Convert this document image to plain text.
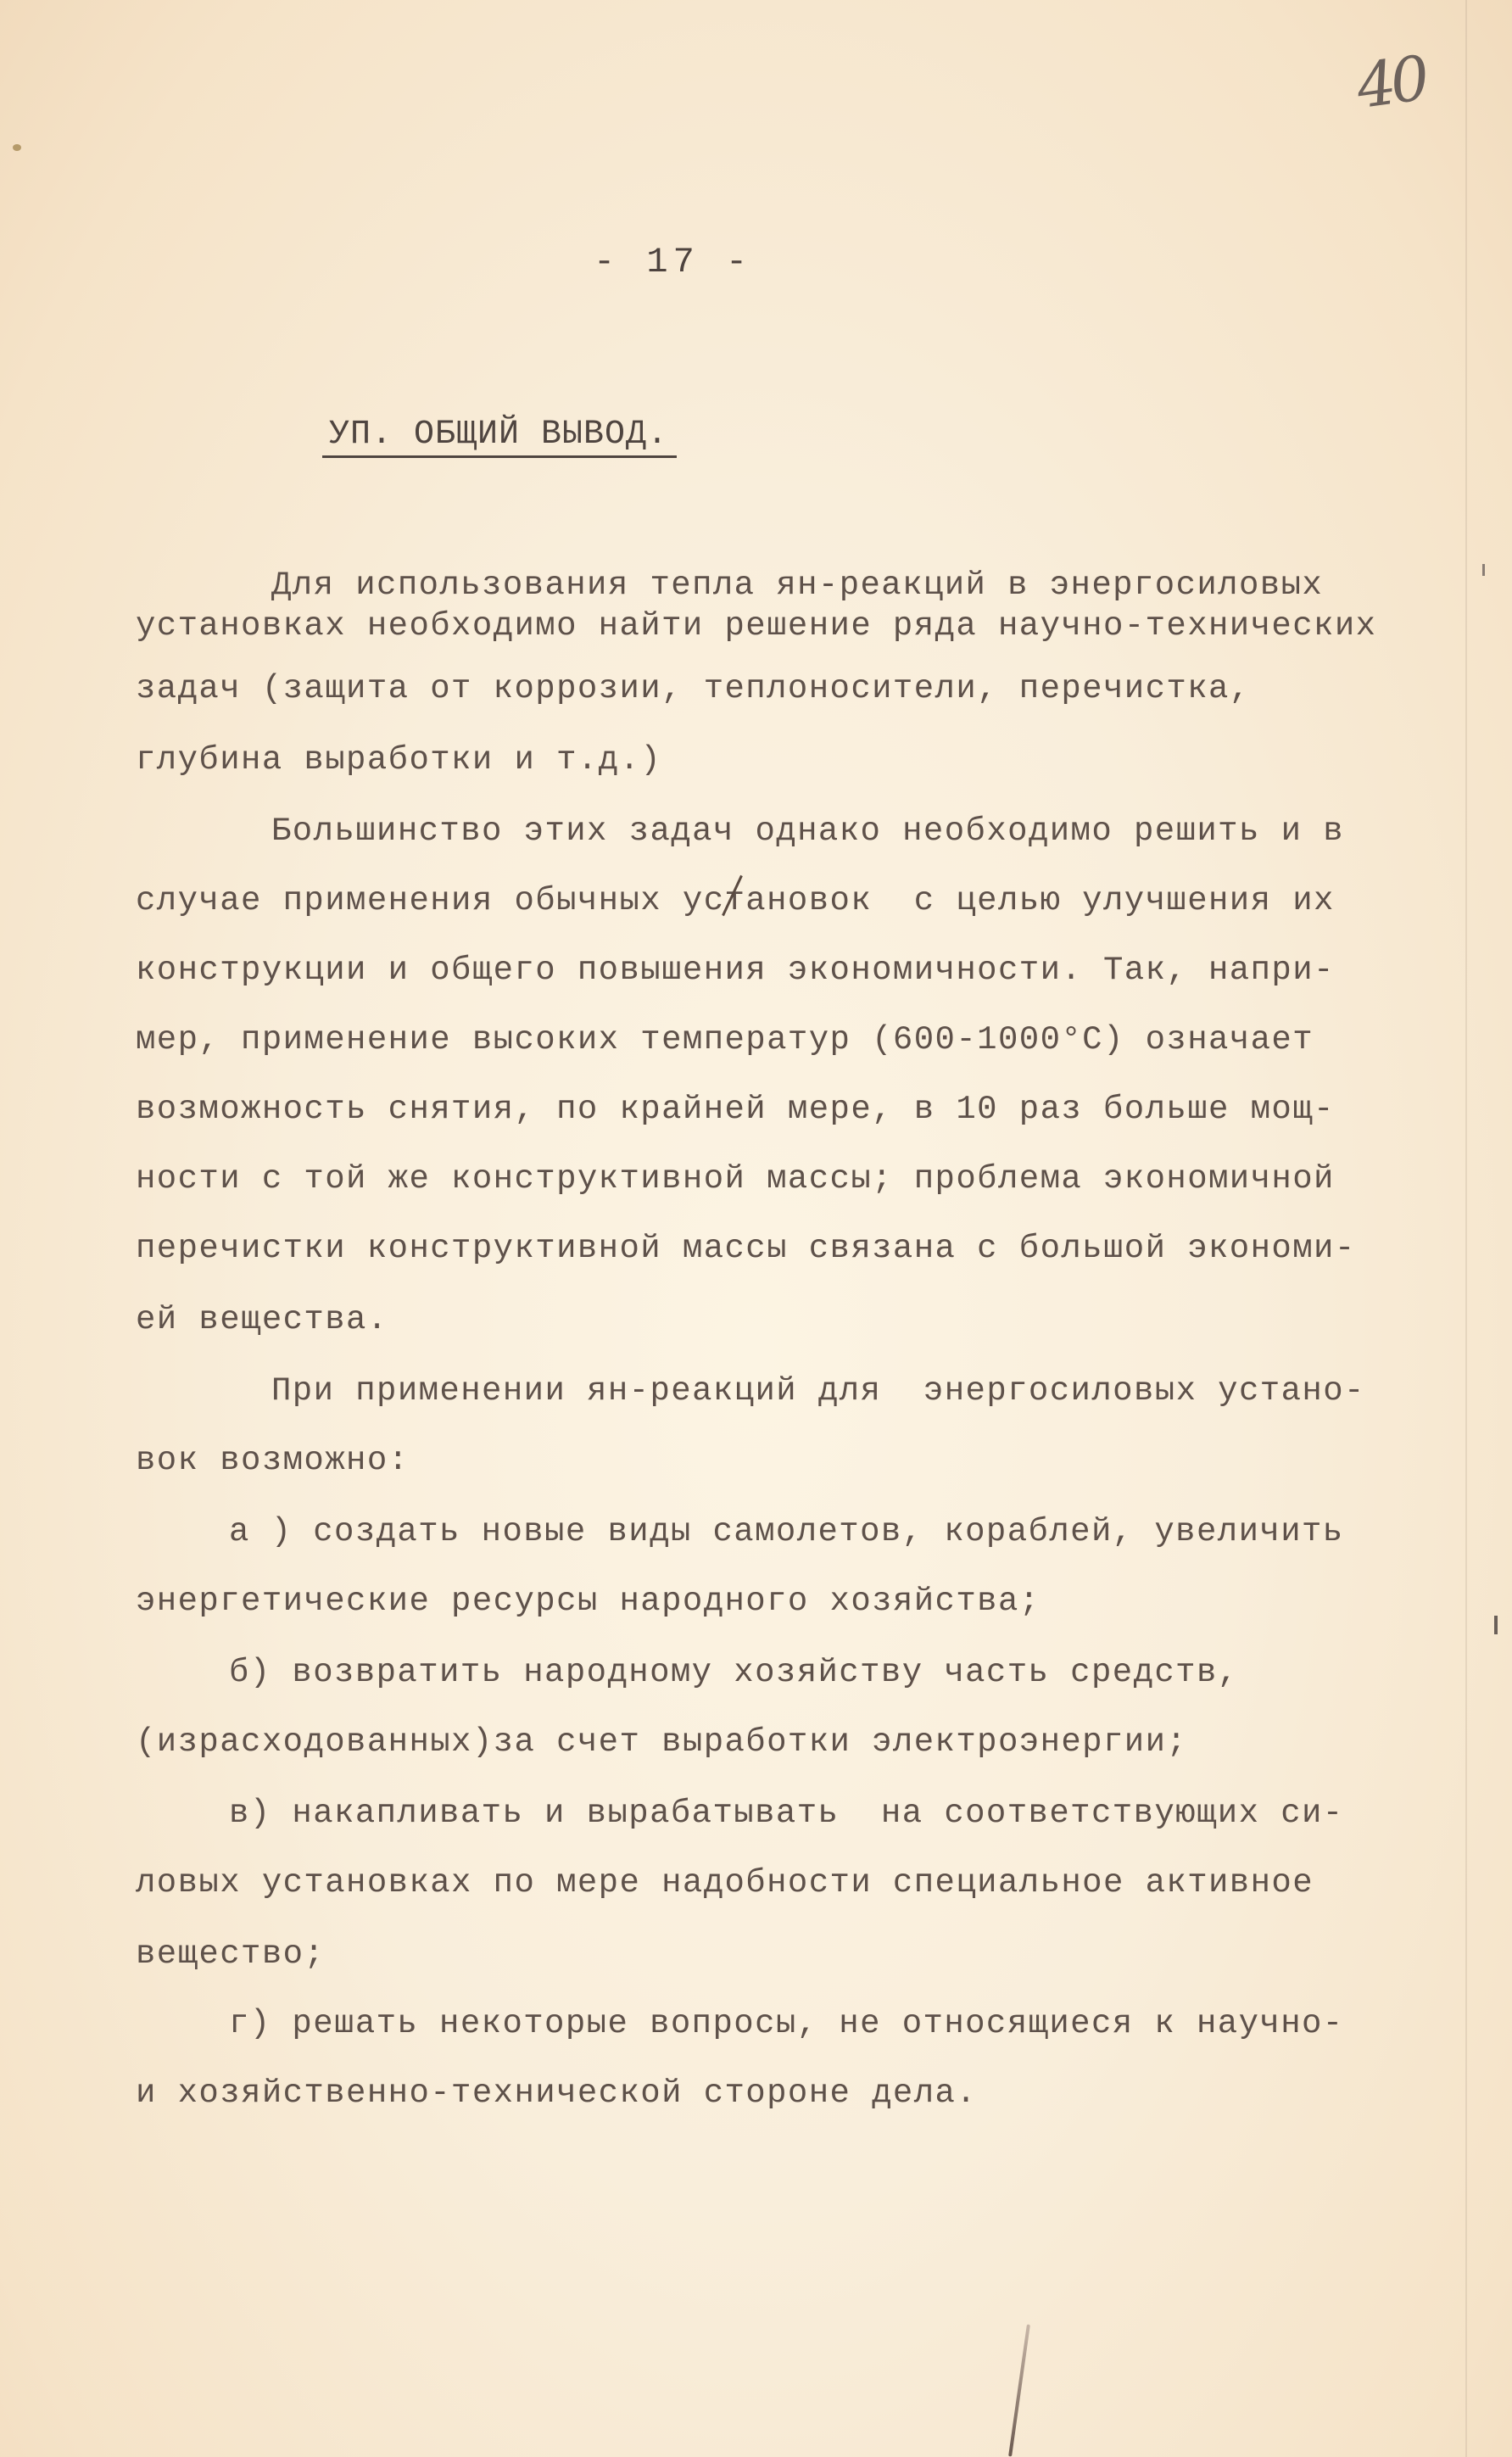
40
- 17 -
УП. ОБЩИЙ ВЫВОД.
Для использования тепла ян-реакций в энергосиловых
установках необходимо найти решение ряда научно-технических
задач (защита от коррозии, теплоносители, перечистка,
глубина выработки и т.д.)
Большинство этих задач однако необходимо решить и в
случае применения обычных установок  с целью улучшения их
конструкции и общего повышения экономичности. Так, напри-
мер, применение высоких температур (600-1000°С) означает
возможность снятия, по крайней мере, в 10 раз больше мощ-
ности с той же конструктивной массы; проблема экономичной
перечистки конструктивной массы связана с большой экономи-
ей вещества.
При применении ян-реакций для  энергосиловых устано-
вок возможно:
а ) создать новые виды самолетов, кораблей, увеличить
энергетические ресурсы народного хозяйства;
б) возвратить народному хозяйству часть средств,
(израсходованных)за счет выработки электроэнергии;
в) накапливать и вырабатывать  на соответствующих си-
ловых установках по мере надобности специальное активное
вещество;
г) решать некоторые вопросы, не относящиеся к научно-
и хозяйственно-технической стороне дела.
